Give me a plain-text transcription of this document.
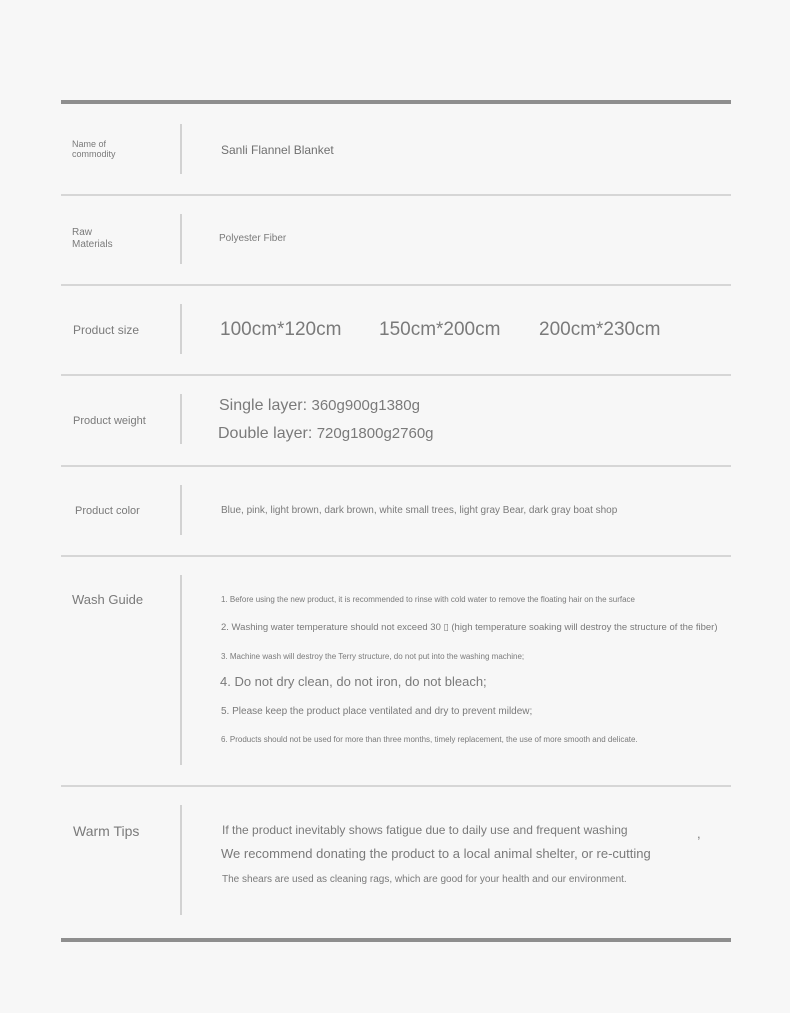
Name of
commodity	Sanli Flannel Blanket
Raw
Materials	Polyester Fiber
Product size	100cm*120cm 150cm*200cm 200cm*230cm
Product weight
Single layer: 360g900g1380g
Double layer: 720g1800g2760g
Product color	Blue, pink, light brown, dark brown, white small trees, light gray Bear, dark gray boat shop
Wash Guide	1. Before using the new product, it is recommended to rinse with cold water to remove the floating hair on the surface
2. Washing water temperature should not exceed 30 ▯ (high temperature soaking will destroy the structure of the fiber)
3. Machine wash will destroy the Terry structure, do not put into the washing machine;
4. Do not dry clean, do not iron, do not bleach;
5. Please keep the product place ventilated and dry to prevent mildew;
6. Products should not be used for more than three months, timely replacement, the use of more smooth and delicate.
Warm Tips	If the product inevitably shows fatigue due to daily use and frequent washing	,
We recommend donating the product to a local animal shelter, or re-cutting
The shears are used as cleaning rags, which are good for your health and our environment.
